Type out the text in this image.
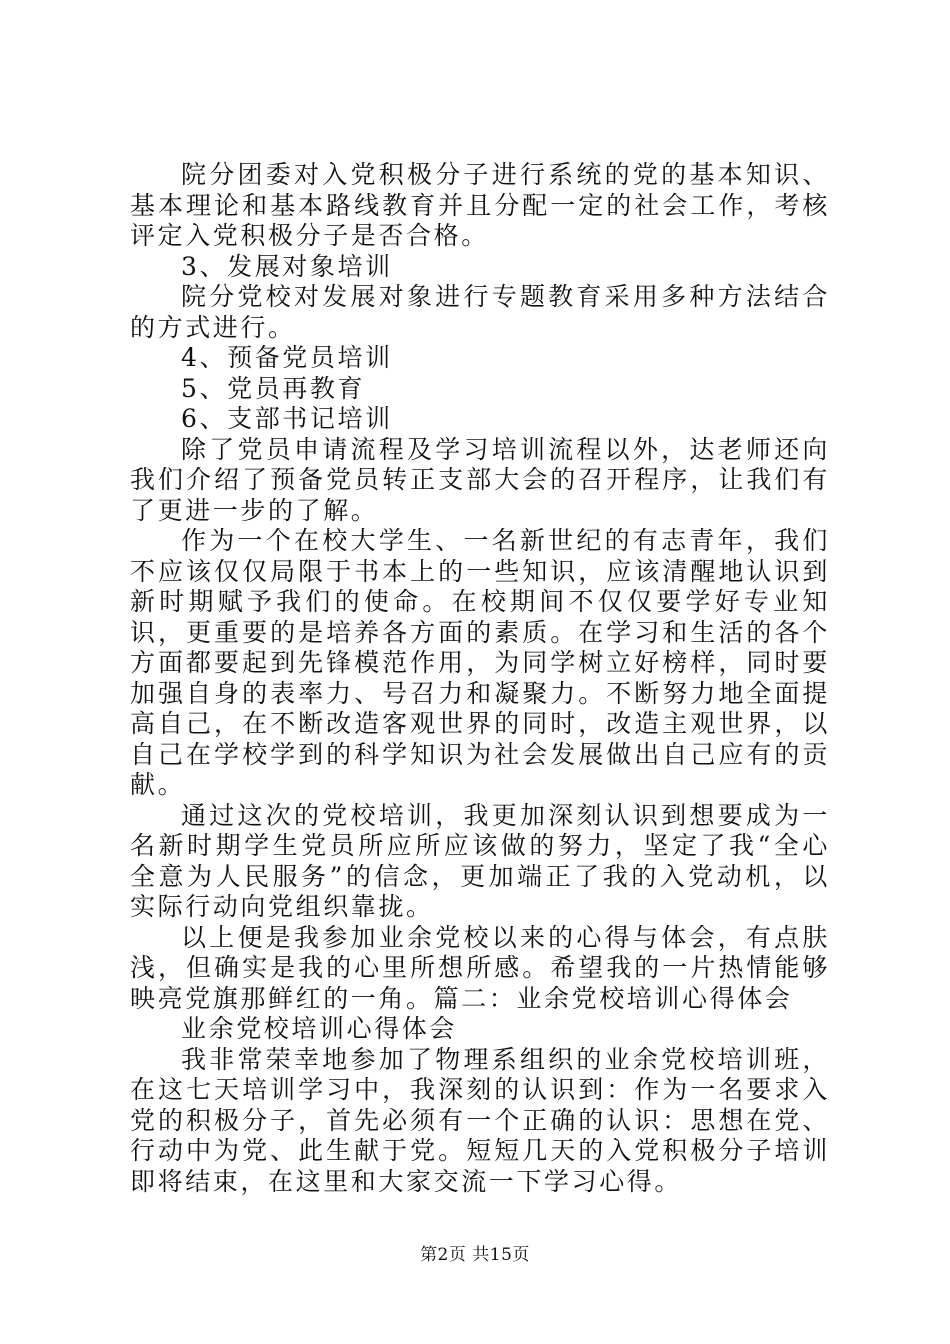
院分团委对入党积极分子进行系统的党的基本知识、基本理论和基本路线教育并且分配一定的社会工作，考核评定入党积极分子是否合格。

3、发展对象培训

院分党校对发展对象进行专题教育采用多种方法结合的方式进行。

4、预备党员培训

5、党员再教育

6、支部书记培训

除了党员申请流程及学习培训流程以外，达老师还向我们介绍了预备党员转正支部大会的召开程序，让我们有了更进一步的了解。

作为一个在校大学生、一名新世纪的有志青年，我们不应该仅仅局限于书本上的一些知识，应该清醒地认识到新时期赋予我们的使命。在校期间不仅仅要学好专业知识，更重要的是培养各方面的素质。在学习和生活的各个方面都要起到先锋模范作用，为同学树立好榜样，同时要加强自身的表率力、号召力和凝聚力。不断努力地全面提高自己，在不断改造客观世界的同时，改造主观世界，以自己在学校学到的科学知识为社会发展做出自己应有的贡献。

通过这次的党校培训，我更加深刻认识到想要成为一名新时期学生党员所应所应该做的努力，坚定了我“全心全意为人民服务”的信念，更加端正了我的入党动机，以实际行动向党组织靠拢。

以上便是我参加业余党校以来的心得与体会，有点肤浅，但确实是我的心里所想所感。希望我的一片热情能够映亮党旗那鲜红的一角。篇二：业余党校培训心得体会

业余党校培训心得体会

我非常荣幸地参加了物理系组织的业余党校培训班，在这七天培训学习中，我深刻的认识到：作为一名要求入党的积极分子，首先必须有一个正确的认识：思想在党、行动中为党、此生献于党。短短几天的入党积极分子培训即将结束，在这里和大家交流一下学习心得。

第2页 共15页
